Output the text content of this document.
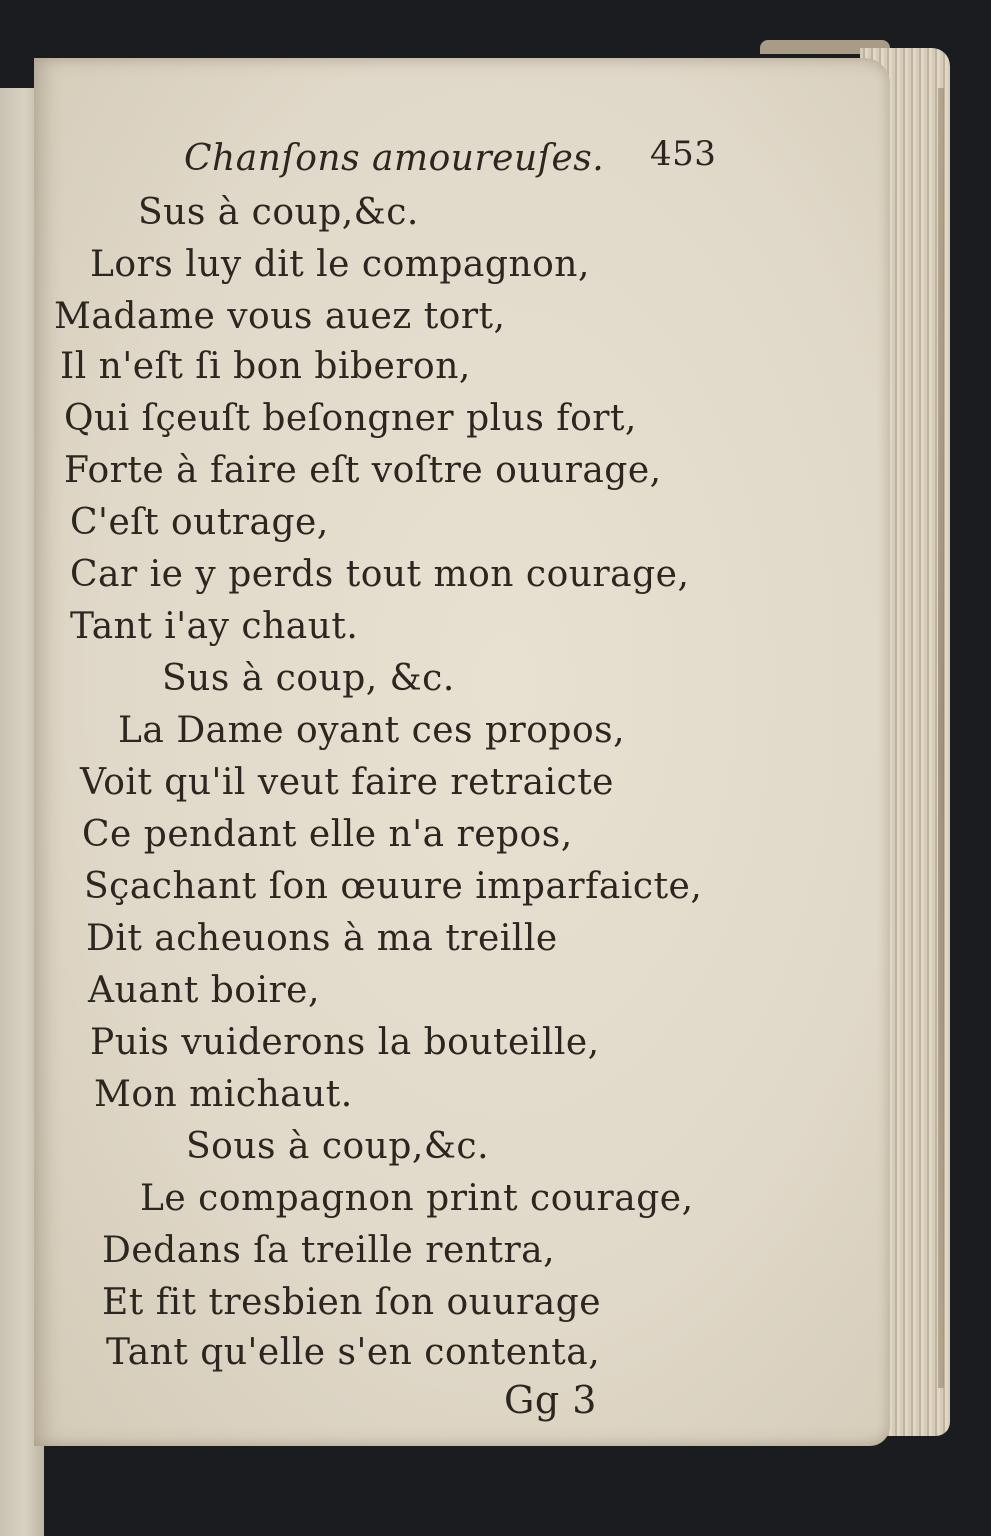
Chanſons amoureuſes. 453
Sus à coup,&c.
Lors luy dit le compagnon,
Madame vous auez tort,
Il n'eſt ſi bon biberon,
Qui ſçeuſt beſongner plus fort,
Forte à faire eſt voſtre ouurage,
C'eſt outrage,
Car ie y perds tout mon courage,
Tant i'ay chaut.
Sus à coup, &c.
La Dame oyant ces propos,
Voit qu'il veut faire retraicte
Ce pendant elle n'a repos,
Sçachant ſon œuure imparfaicte,
Dit acheuons à ma treille
Auant boire,
Puis vuiderons la bouteille,
Mon michaut.
Sous à coup,&c.
Le compagnon print courage,
Dedans ſa treille rentra,
Et fit tresbien ſon ouurage
Tant qu'elle s'en contenta,
Gg 3
